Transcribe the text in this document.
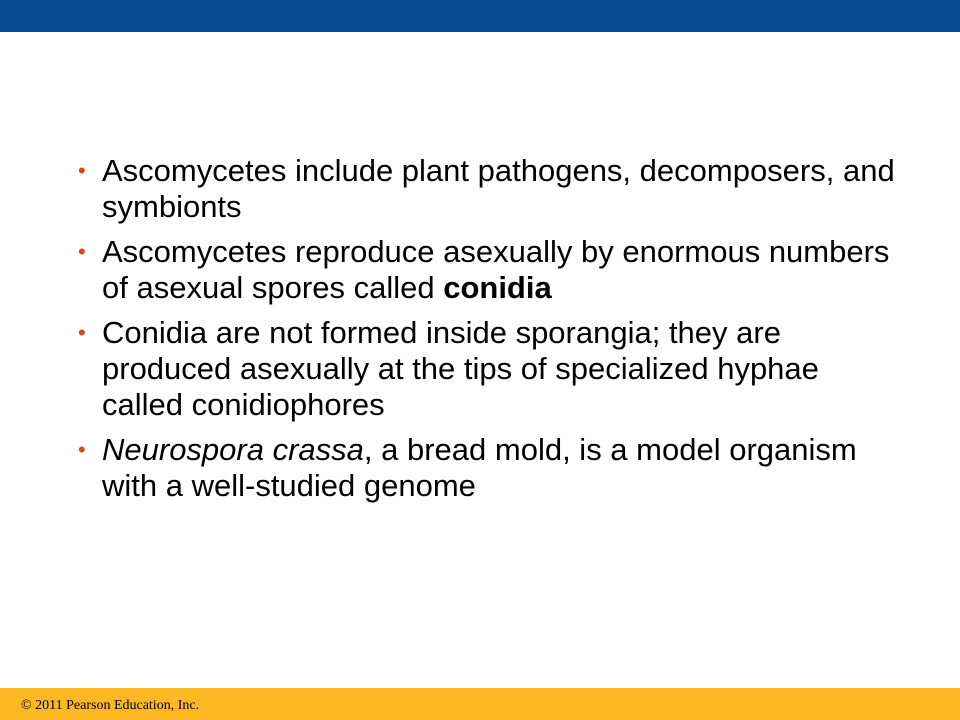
• Ascomycetes include plant pathogens, decomposers, and symbionts
• Ascomycetes reproduce asexually by enormous numbers of asexual spores called conidia
• Conidia are not formed inside sporangia; they are produced asexually at the tips of specialized hyphae called conidiophores
• Neurospora crassa, a bread mold, is a model organism with a well-studied genome
© 2011 Pearson Education, Inc.
